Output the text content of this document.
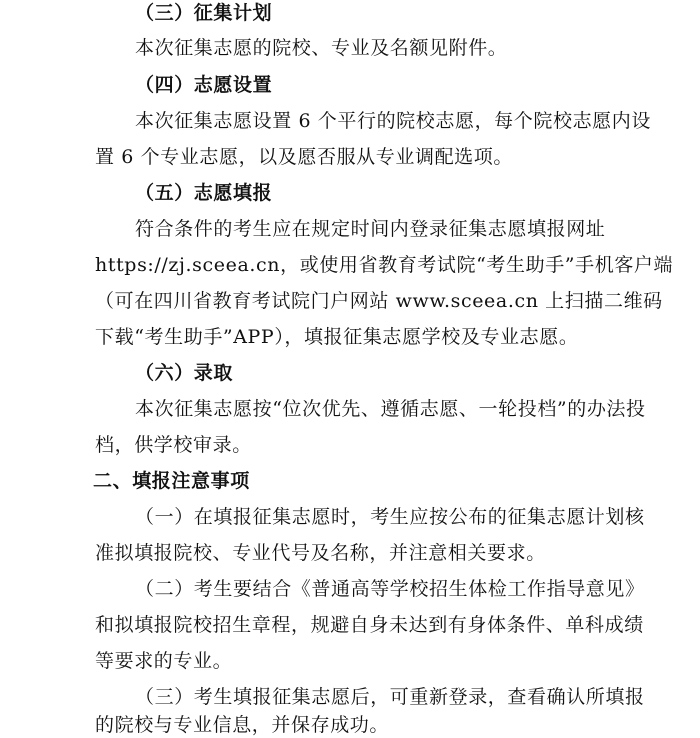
（三）征集计划
本次征集志愿的院校、专业及名额见附件。
（四）志愿设置
本次征集志愿设置 6 个平行的院校志愿，每个院校志愿内设
置 6 个专业志愿，以及愿否服从专业调配选项。
（五）志愿填报
符合条件的考生应在规定时间内登录征集志愿填报网址
https://zj.sceea.cn，或使用省教育考试院“考生助手”手机客户端
（可在四川省教育考试院门户网站 www.sceea.cn 上扫描二维码
下载“考生助手”APP），填报征集志愿学校及专业志愿。
（六）录取
本次征集志愿按“位次优先、遵循志愿、一轮投档”的办法投
档，供学校审录。
二、填报注意事项
（一）在填报征集志愿时，考生应按公布的征集志愿计划核
准拟填报院校、专业代号及名称，并注意相关要求。
（二）考生要结合《普通高等学校招生体检工作指导意见》
和拟填报院校招生章程，规避自身未达到有身体条件、单科成绩
等要求的专业。
（三）考生填报征集志愿后，可重新登录，查看确认所填报
的院校与专业信息，并保存成功。
